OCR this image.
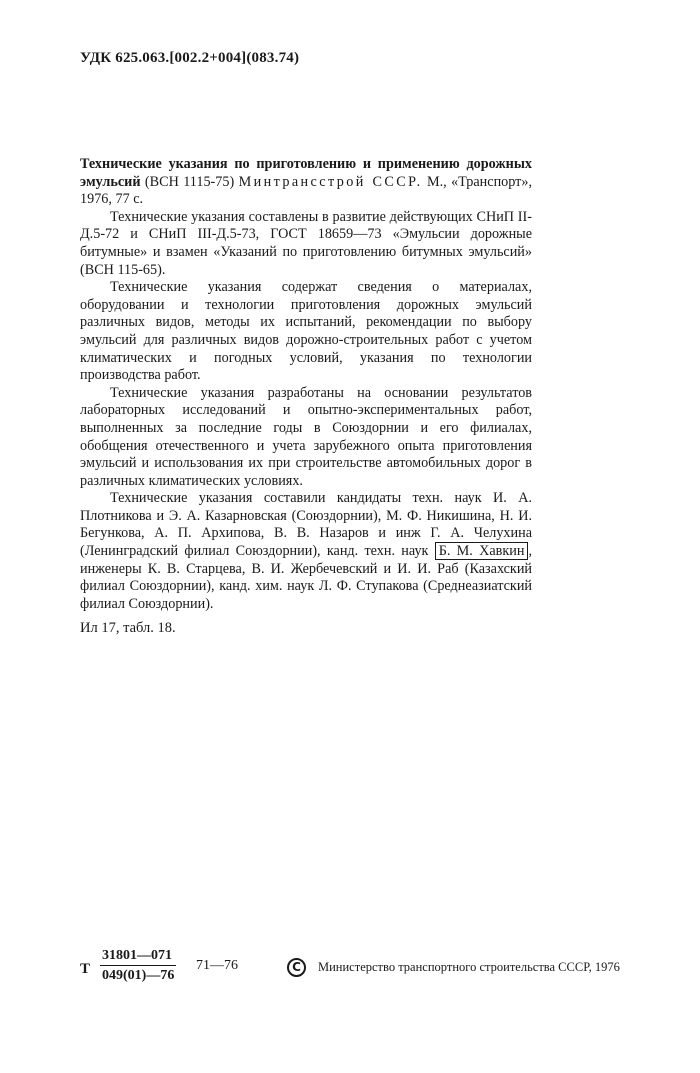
УДК 625.063.[002.2+004](083.74)

Технические указания по приготовлению и применению дорожных эмульсий (ВСН 1115-75) Минтрансстрой СССР. М., «Транспорт», 1976, 77 с.

Технические указания составлены в развитие действующих СНиП II-Д.5-72 и СНиП III-Д.5-73, ГОСТ 18659—73 «Эмульсии дорожные битумные» и взамен «Указаний по приготовлению битумных эмульсий» (ВСН 115-65).

Технические указания содержат сведения о материалах, оборудовании и технологии приготовления дорожных эмульсий различных видов, методы их испытаний, рекомендации по выбору эмульсий для различных видов дорожно-строительных работ с учетом климатических и погодных условий, указания по технологии производства работ.

Технические указания разработаны на основании результатов лабораторных исследований и опытно-экспериментальных работ, выполненных за последние годы в Союздорнии и его филиалах, обобщения отечественного и учета зарубежного опыта приготовления эмульсий и использования их при строительстве автомобильных дорог в различных климатических условиях.

Технические указания составили кандидаты техн. наук И. А. Плотникова и Э. А. Казарновская (Союздорнии), М. Ф. Никишина, Н. И. Бегункова, А. П. Архипова, В. В. Назаров и инж Г. А. Челухина (Ленинградский филиал Союздорнии), канд. техн. наук Б. М. Хавкин , инженеры К. В. Старцева, В. И. Жербечевский и И. И. Раб (Казахский филиал Союздорнии), канд. хим. наук Л. Ф. Ступакова (Среднеазиатский филиал Союздорнии).

Ил 17, табл. 18.
Т $\frac{31801—071}{049(01)—76}$ 71—76	C	Министерство транспортного строительства СССР, 1976
